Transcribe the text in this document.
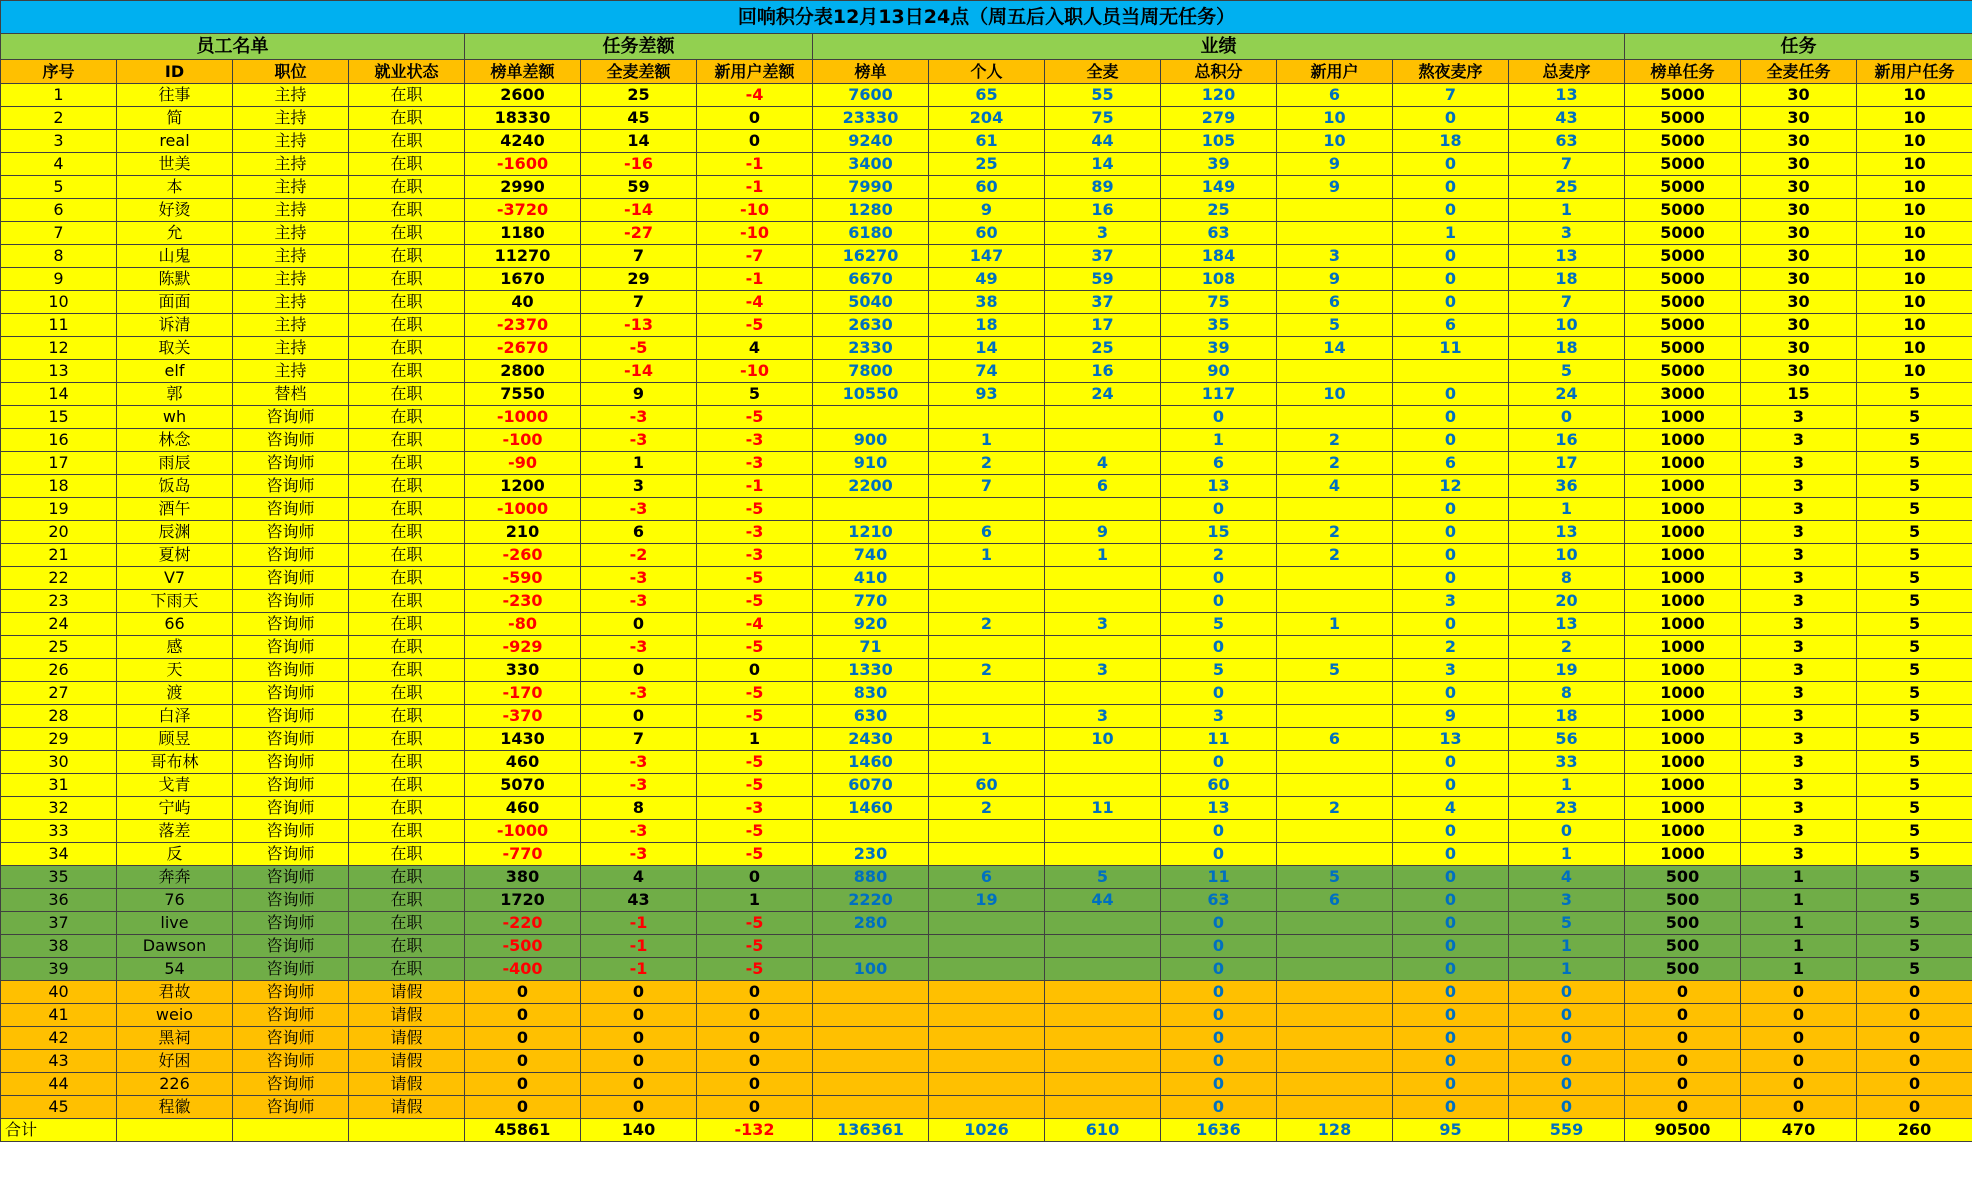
回响积分表12月13日24点（周五后入职人员当周无任务）																
员工名单				任务差额			业绩							任务		
序号	ID	职位	就业状态	榜单差额	全麦差额	新用户差额	榜单	个人	全麦	总积分	新用户	熬夜麦序	总麦序	榜单任务	全麦任务	新用户任务
1	往事	主持	在职	2600	25	-4	7600	65	55	120	6	7	13	5000	30	10
2	简	主持	在职	18330	45	0	23330	204	75	279	10	0	43	5000	30	10
3	real	主持	在职	4240	14	0	9240	61	44	105	10	18	63	5000	30	10
4	世美	主持	在职	-1600	-16	-1	3400	25	14	39	9	0	7	5000	30	10
5	本	主持	在职	2990	59	-1	7990	60	89	149	9	0	25	5000	30	10
6	好烫	主持	在职	-3720	-14	-10	1280	9	16	25		0	1	5000	30	10
7	允	主持	在职	1180	-27	-10	6180	60	3	63		1	3	5000	30	10
8	山鬼	主持	在职	11270	7	-7	16270	147	37	184	3	0	13	5000	30	10
9	陈默	主持	在职	1670	29	-1	6670	49	59	108	9	0	18	5000	30	10
10	面面	主持	在职	40	7	-4	5040	38	37	75	6	0	7	5000	30	10
11	诉清	主持	在职	-2370	-13	-5	2630	18	17	35	5	6	10	5000	30	10
12	取关	主持	在职	-2670	-5	4	2330	14	25	39	14	11	18	5000	30	10
13	elf	主持	在职	2800	-14	-10	7800	74	16	90			5	5000	30	10
14	郭	替档	在职	7550	9	5	10550	93	24	117	10	0	24	3000	15	5
15	wh	咨询师	在职	-1000	-3	-5				0		0	0	1000	3	5
16	林念	咨询师	在职	-100	-3	-3	900	1		1	2	0	16	1000	3	5
17	雨辰	咨询师	在职	-90	1	-3	910	2	4	6	2	6	17	1000	3	5
18	饭岛	咨询师	在职	1200	3	-1	2200	7	6	13	4	12	36	1000	3	5
19	酒午	咨询师	在职	-1000	-3	-5				0		0	1	1000	3	5
20	辰渊	咨询师	在职	210	6	-3	1210	6	9	15	2	0	13	1000	3	5
21	夏树	咨询师	在职	-260	-2	-3	740	1	1	2	2	0	10	1000	3	5
22	V7	咨询师	在职	-590	-3	-5	410			0		0	8	1000	3	5
23	下雨天	咨询师	在职	-230	-3	-5	770			0		3	20	1000	3	5
24	66	咨询师	在职	-80	0	-4	920	2	3	5	1	0	13	1000	3	5
25	感	咨询师	在职	-929	-3	-5	71			0		2	2	1000	3	5
26	天	咨询师	在职	330	0	0	1330	2	3	5	5	3	19	1000	3	5
27	渡	咨询师	在职	-170	-3	-5	830			0		0	8	1000	3	5
28	白泽	咨询师	在职	-370	0	-5	630		3	3		9	18	1000	3	5
29	顾昱	咨询师	在职	1430	7	1	2430	1	10	11	6	13	56	1000	3	5
30	哥布林	咨询师	在职	460	-3	-5	1460			0		0	33	1000	3	5
31	戈青	咨询师	在职	5070	-3	-5	6070	60		60		0	1	1000	3	5
32	宁屿	咨询师	在职	460	8	-3	1460	2	11	13	2	4	23	1000	3	5
33	落差	咨询师	在职	-1000	-3	-5				0		0	0	1000	3	5
34	反	咨询师	在职	-770	-3	-5	230			0		0	1	1000	3	5
35	奔奔	咨询师	在职	380	4	0	880	6	5	11	5	0	4	500	1	5
36	76	咨询师	在职	1720	43	1	2220	19	44	63	6	0	3	500	1	5
37	live	咨询师	在职	-220	-1	-5	280			0		0	5	500	1	5
38	Dawson	咨询师	在职	-500	-1	-5				0		0	1	500	1	5
39	54	咨询师	在职	-400	-1	-5	100			0		0	1	500	1	5
40	君故	咨询师	请假	0	0	0				0		0	0	0	0	0
41	weio	咨询师	请假	0	0	0				0		0	0	0	0	0
42	黑祠	咨询师	请假	0	0	0				0		0	0	0	0	0
43	好困	咨询师	请假	0	0	0				0		0	0	0	0	0
44	226	咨询师	请假	0	0	0				0		0	0	0	0	0
45	程徽	咨询师	请假	0	0	0				0		0	0	0	0	0
合计				45861	140	-132	136361	1026	610	1636	128	95	559	90500	470	260
